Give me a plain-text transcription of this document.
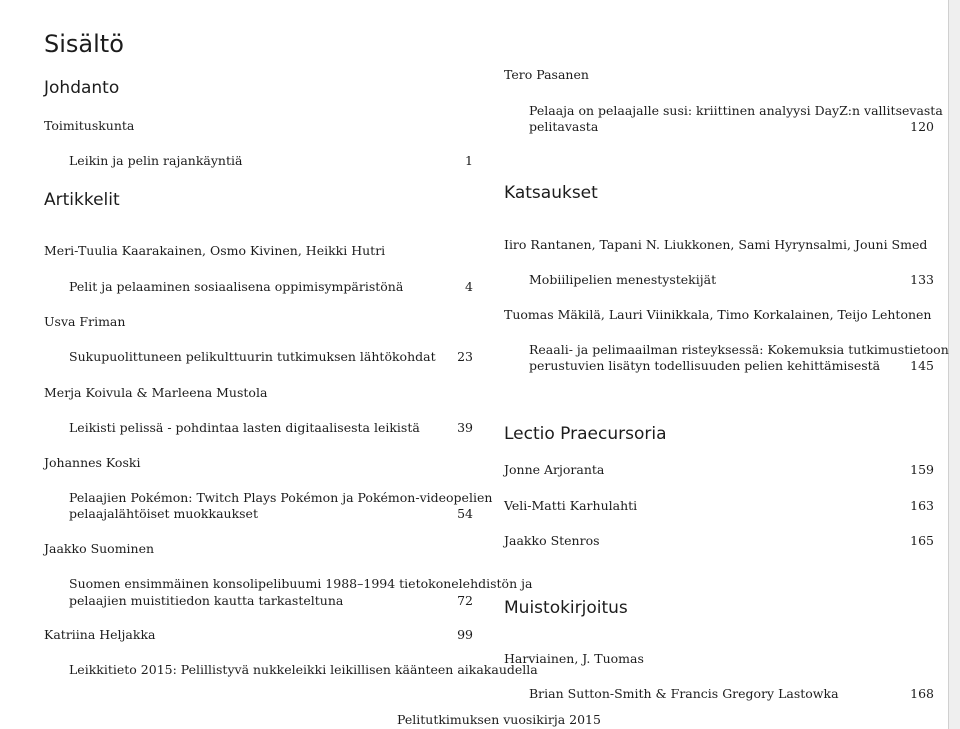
Sisältö
Johdanto
Toimituskunta
Leikin ja pelin rajankäyntiä	1
Artikkelit
Meri-Tuulia Kaarakainen, Osmo Kivinen, Heikki Hutri
Pelit ja pelaaminen sosiaalisena oppimisympäristönä	4
Usva Friman
Sukupuolittuneen pelikulttuurin tutkimuksen lähtökohdat	23
Merja Koivula & Marleena Mustola
Leikisti pelissä - pohdintaa lasten digitaalisesta leikistä	39
Johannes Koski
Pelaajien Pokémon: Twitch Plays Pokémon ja Pokémon-videopelien
pelaajalähtöiset muokkaukset	54
Jaakko Suominen
Suomen ensimmäinen konsolipelibuumi 1988–1994 tietokonelehdistön ja
pelaajien muistitiedon kautta tarkasteltuna	72
Katriina Heljakka	99
Leikkitieto 2015: Pelillistyvä nukkeleikki leikillisen käänteen aikakaudella
Tero Pasanen
Pelaaja on pelaajalle susi: kriittinen analyysi DayZ:n vallitsevasta
pelitavasta	120
Katsaukset
Iiro Rantanen, Tapani N. Liukkonen, Sami Hyrynsalmi, Jouni Smed
Mobiilipelien menestystekijät	133
Tuomas Mäkilä, Lauri Viinikkala, Timo Korkalainen, Teijo Lehtonen
Reaali- ja pelimaailman risteyksessä: Kokemuksia tutkimustietoon
perustuvien lisätyn todellisuuden pelien kehittämisestä	145
Lectio Praecursoria
Jonne Arjoranta	159
Veli-Matti Karhulahti	163
Jaakko Stenros	165
Muistokirjoitus
Harviainen, J. Tuomas
Brian Sutton-Smith & Francis Gregory Lastowka	168
Pelitutkimuksen vuosikirja 2015
